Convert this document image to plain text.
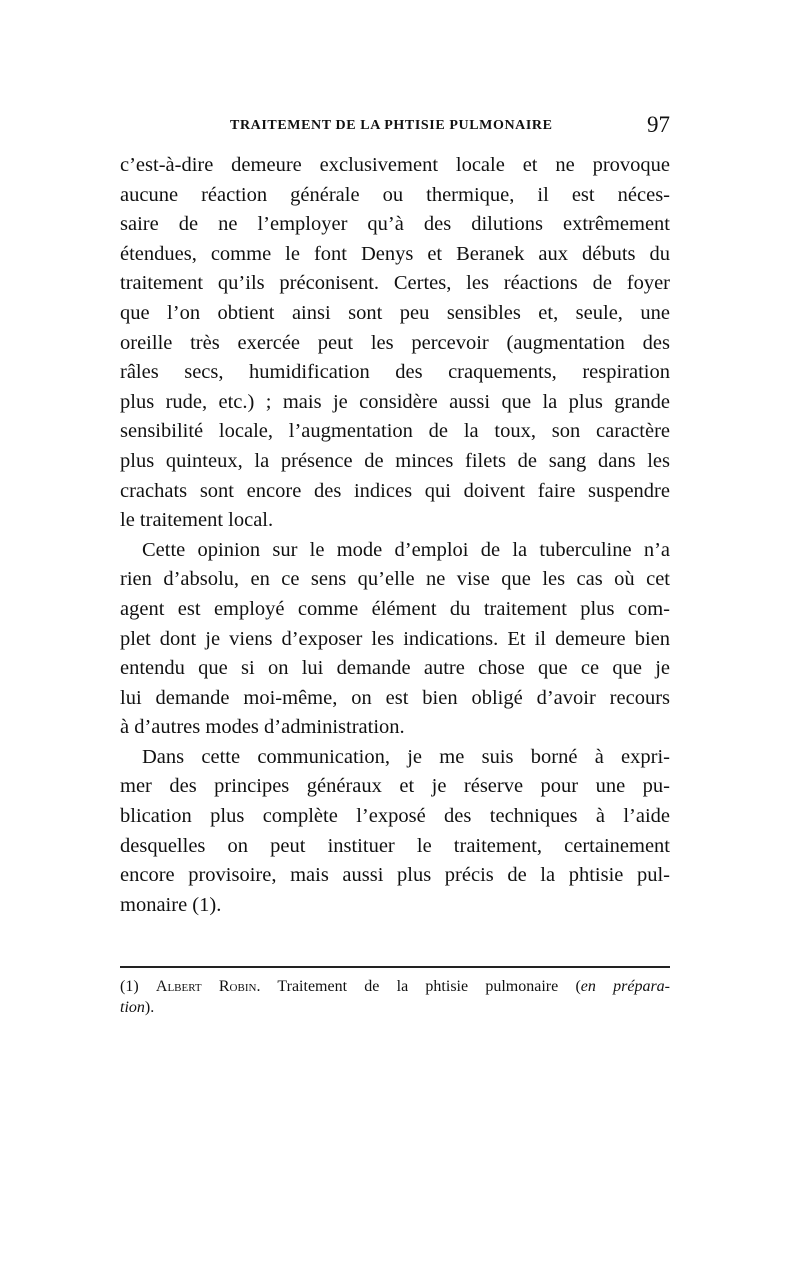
TRAITEMENT DE LA PHTISIE PULMONAIRE	97
c’est-à-dire demeure exclusivement locale et ne provoque
aucune réaction générale ou thermique, il est néces-
saire de ne l’employer qu’à des dilutions extrêmement
étendues, comme le font Denys et Beranek aux débuts du
traitement qu’ils préconisent. Certes, les réactions de foyer
que l’on obtient ainsi sont peu sensibles et, seule, une
oreille très exercée peut les percevoir (augmentation des
râles secs, humidification des craquements, respiration
plus rude, etc.) ; mais je considère aussi que la plus grande
sensibilité locale, l’augmentation de la toux, son caractère
plus quinteux, la présence de minces filets de sang dans les
crachats sont encore des indices qui doivent faire suspendre
le traitement local.
Cette opinion sur le mode d’emploi de la tuberculine n’a
rien d’absolu, en ce sens qu’elle ne vise que les cas où cet
agent est employé comme élément du traitement plus com-
plet dont je viens d’exposer les indications. Et il demeure bien
entendu que si on lui demande autre chose que ce que je
lui demande moi-même, on est bien obligé d’avoir recours
à d’autres modes d’administration.
Dans cette communication, je me suis borné à expri-
mer des principes généraux et je réserve pour une pu-
blication plus complète l’exposé des techniques à l’aide
desquelles on peut instituer le traitement, certainement
encore provisoire, mais aussi plus précis de la phtisie pul-
monaire (1).
(1) Albert Robin. Traitement de la phtisie pulmonaire (en prépara-
tion).
